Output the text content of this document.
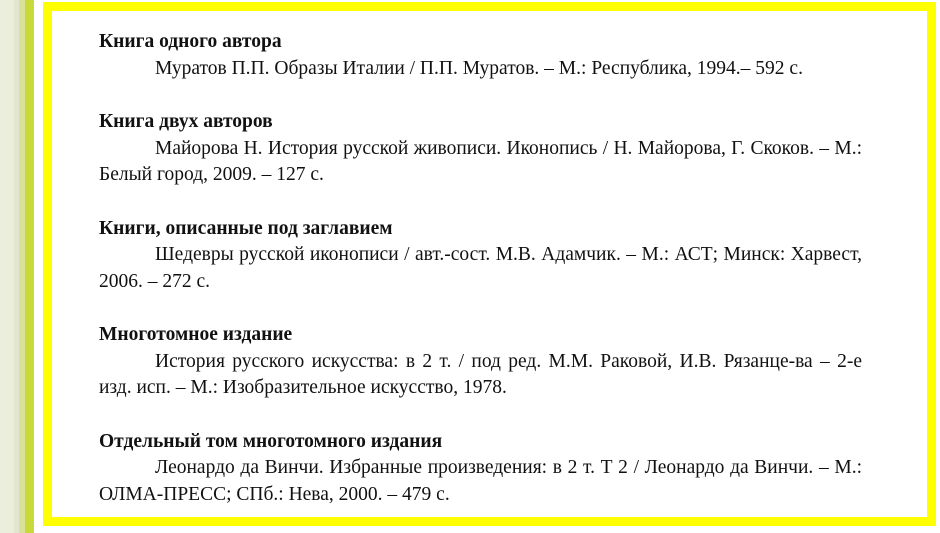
Книга одного автора
Муратов П.П. Образы Италии / П.П. Муратов. – М.: Республика, 1994.– 592 с.
Книга двух авторов
Майорова Н. История русской живописи. Иконопись / Н. Майорова, Г. Скоков. – М.: Белый город, 2009. – 127 с.
Книги, описанные под заглавием
Шедевры русской иконописи / авт.-сост. М.В. Адамчик. – М.: АСТ; Минск: Харвест, 2006. – 272 с.
Многотомное издание
История русского искусства: в 2 т. / под ред. М.М. Раковой, И.В. Рязанце-ва – 2-е изд. исп. – М.: Изобразительное искусство, 1978.
Отдельный том многотомного издания
Леонардо да Винчи. Избранные произведения: в 2 т. Т 2 / Леонардо да Винчи. – М.: ОЛМА-ПРЕСС; СПб.: Нева, 2000. – 479 с.
